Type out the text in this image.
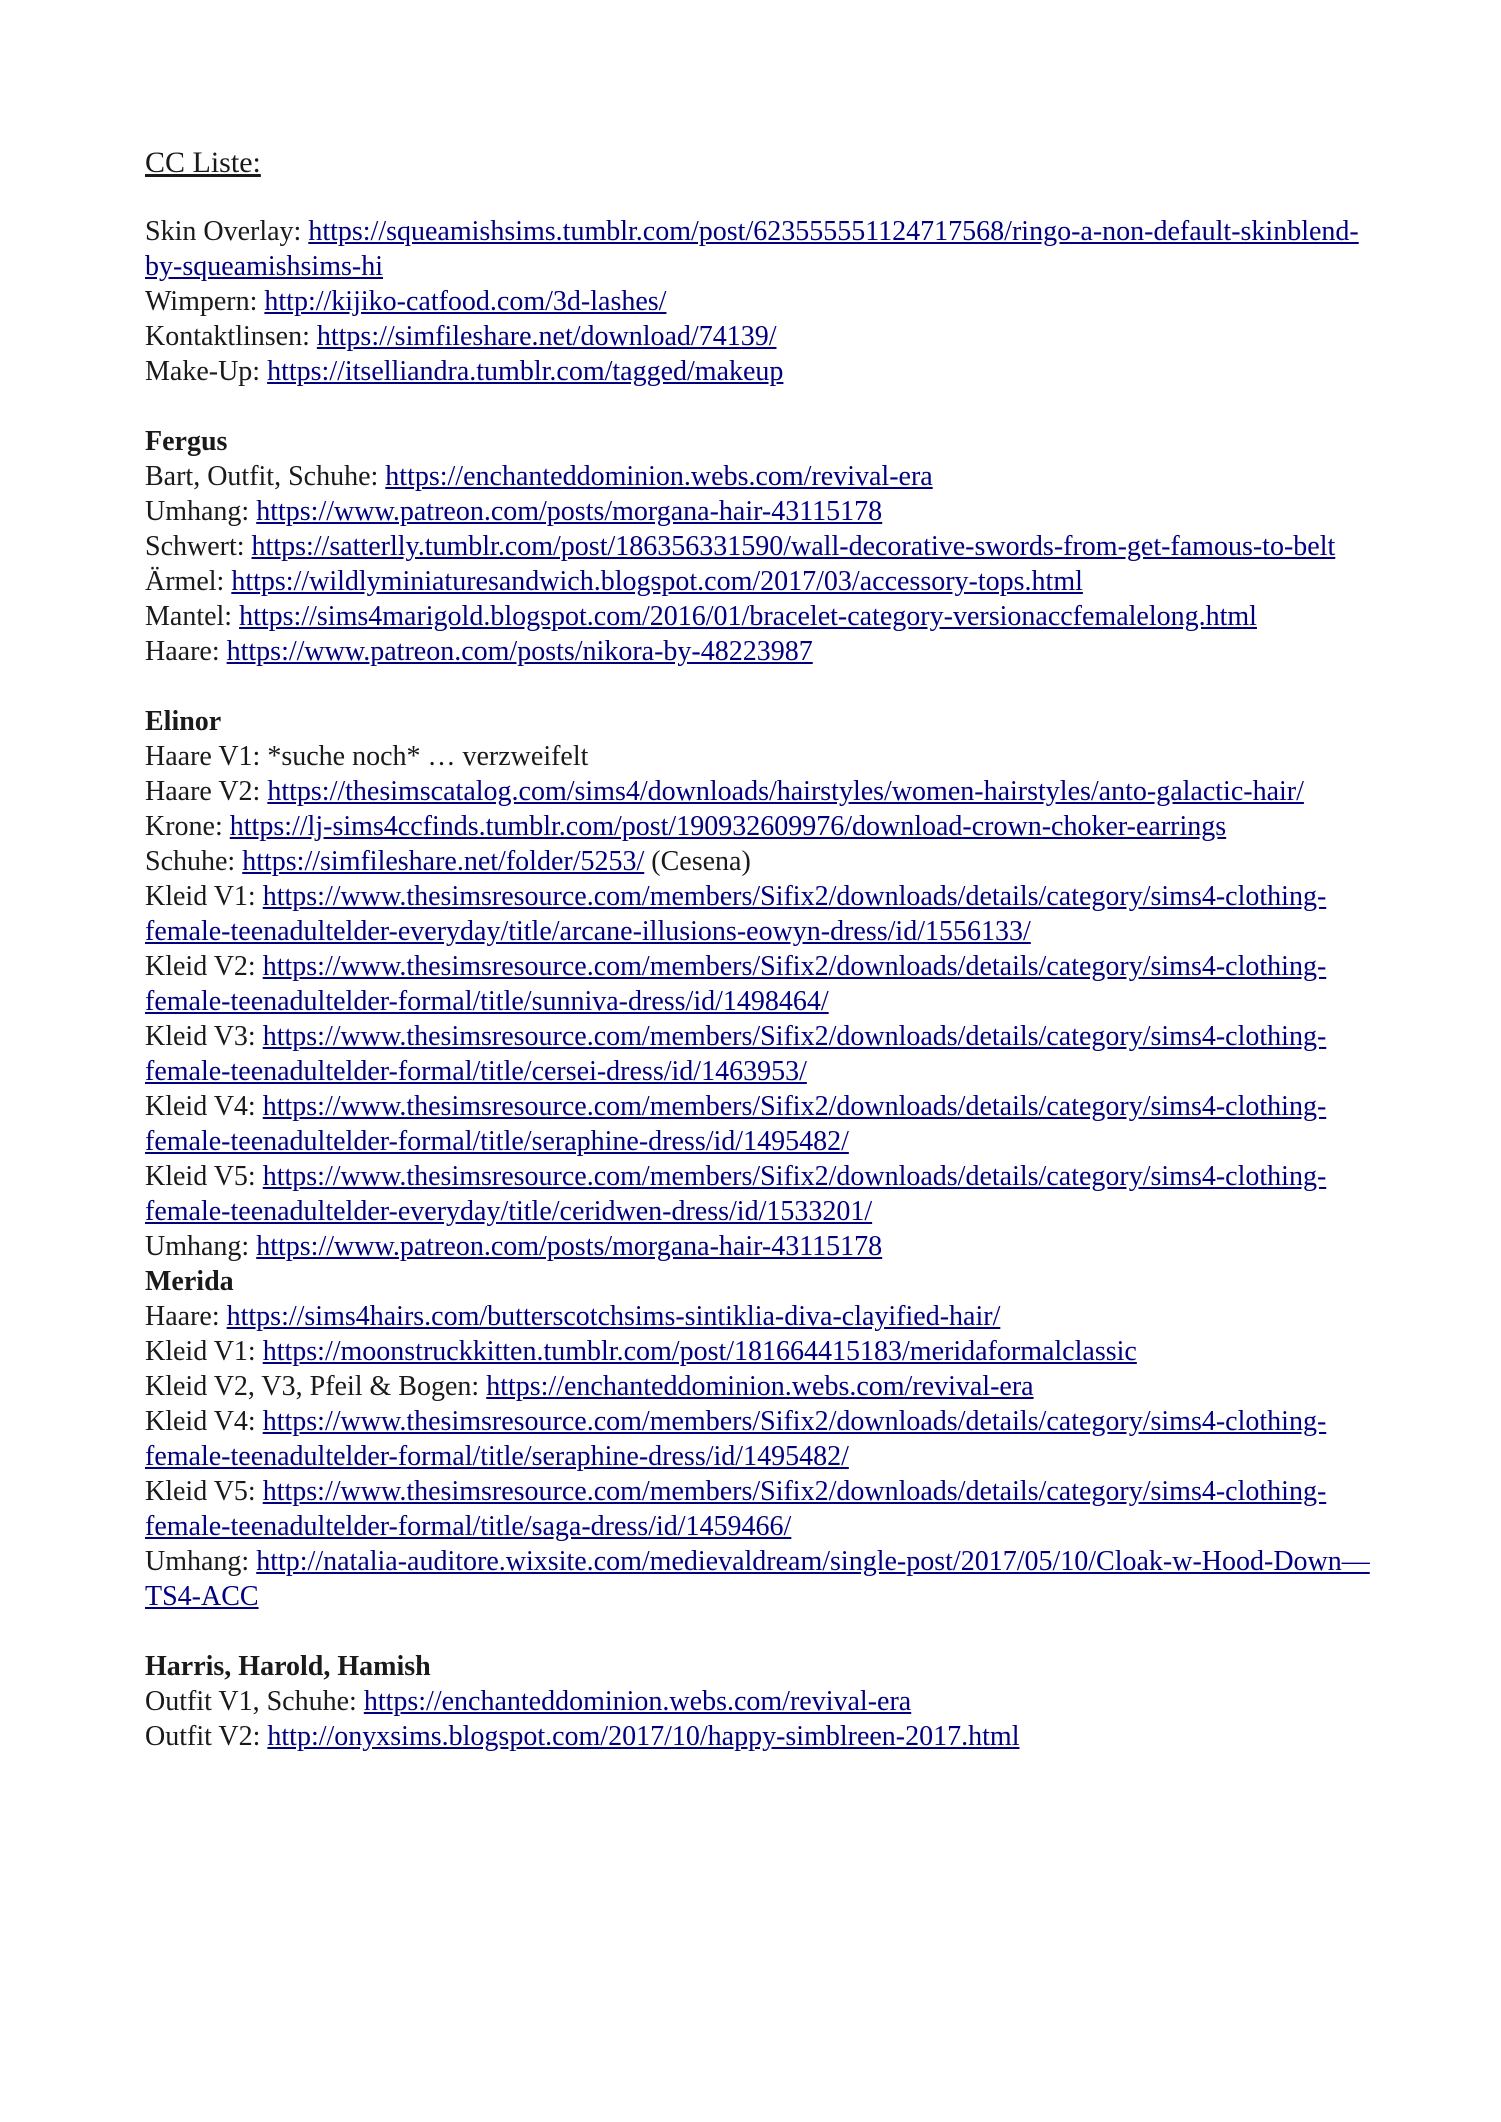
CC Liste:
Skin Overlay: https://squeamishsims.tumblr.com/post/623555551124717568/ringo-a-non-default-skinblend-by-squeamishsims-hi
Wimpern: http://kijiko-catfood.com/3d-lashes/
Kontaktlinsen: https://simfileshare.net/download/74139/
Make-Up: https://itselliandra.tumblr.com/tagged/makeup
Fergus
Bart, Outfit, Schuhe: https://enchanteddominion.webs.com/revival-era
Umhang: https://www.patreon.com/posts/morgana-hair-43115178
Schwert: https://satterlly.tumblr.com/post/186356331590/wall-decorative-swords-from-get-famous-to-belt
Ärmel: https://wildlyminiaturesandwich.blogspot.com/2017/03/accessory-tops.html
Mantel: https://sims4marigold.blogspot.com/2016/01/bracelet-category-versionaccfemalelong.html
Haare: https://www.patreon.com/posts/nikora-by-48223987
Elinor
Haare V1: *suche noch* … verzweifelt
Haare V2: https://thesimscatalog.com/sims4/downloads/hairstyles/women-hairstyles/anto-galactic-hair/
Krone: https://lj-sims4ccfinds.tumblr.com/post/190932609976/download-crown-choker-earrings
Schuhe: https://simfileshare.net/folder/5253/ (Cesena)
Kleid V1: https://www.thesimsresource.com/members/Sifix2/downloads/details/category/sims4-clothing-female-teenadultelder-everyday/title/arcane-illusions-eowyn-dress/id/1556133/
Kleid V2: https://www.thesimsresource.com/members/Sifix2/downloads/details/category/sims4-clothing-female-teenadultelder-formal/title/sunniva-dress/id/1498464/
Kleid V3: https://www.thesimsresource.com/members/Sifix2/downloads/details/category/sims4-clothing-female-teenadultelder-formal/title/cersei-dress/id/1463953/
Kleid V4: https://www.thesimsresource.com/members/Sifix2/downloads/details/category/sims4-clothing-female-teenadultelder-formal/title/seraphine-dress/id/1495482/
Kleid V5: https://www.thesimsresource.com/members/Sifix2/downloads/details/category/sims4-clothing-female-teenadultelder-everyday/title/ceridwen-dress/id/1533201/
Umhang: https://www.patreon.com/posts/morgana-hair-43115178
Merida
Haare: https://sims4hairs.com/butterscotchsims-sintiklia-diva-clayified-hair/
Kleid V1: https://moonstruckkitten.tumblr.com/post/181664415183/meridaformalclassic
Kleid V2, V3, Pfeil & Bogen: https://enchanteddominion.webs.com/revival-era
Kleid V4: https://www.thesimsresource.com/members/Sifix2/downloads/details/category/sims4-clothing-female-teenadultelder-formal/title/seraphine-dress/id/1495482/
Kleid V5: https://www.thesimsresource.com/members/Sifix2/downloads/details/category/sims4-clothing-female-teenadultelder-formal/title/saga-dress/id/1459466/
Umhang: http://natalia-auditore.wixsite.com/medievaldream/single-post/2017/05/10/Cloak-w-Hood-Down—TS4-ACC
Harris, Harold, Hamish
Outfit V1, Schuhe: https://enchanteddominion.webs.com/revival-era
Outfit V2: http://onyxsims.blogspot.com/2017/10/happy-simblreen-2017.html
